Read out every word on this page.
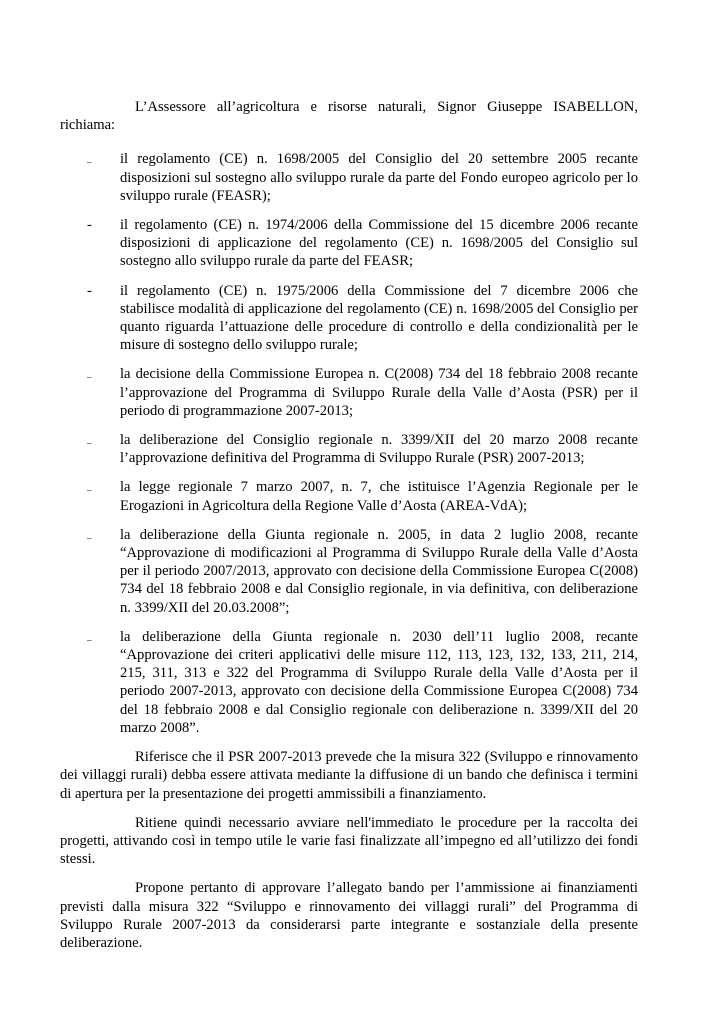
L’Assessore all’agricoltura e risorse naturali, Signor Giuseppe ISABELLON, richiama:

–	il regolamento (CE) n. 1698/2005 del Consiglio del 20 settembre 2005 recante disposizioni sul sostegno allo sviluppo rurale da parte del Fondo europeo agricolo per lo sviluppo rurale (FEASR);
-	il regolamento (CE) n. 1974/2006 della Commissione del 15 dicembre 2006 recante disposizioni di applicazione del regolamento (CE) n. 1698/2005 del Consiglio sul sostegno allo sviluppo rurale da parte del FEASR;
-	il regolamento (CE) n. 1975/2006 della Commissione del 7 dicembre 2006 che stabilisce modalità di applicazione del regolamento (CE) n. 1698/2005 del Consiglio per quanto riguarda l’attuazione delle procedure di controllo e della condizionalità per le misure di sostegno dello sviluppo rurale;
–	la decisione della Commissione Europea n. C(2008) 734 del 18 febbraio 2008 recante l’approvazione del Programma di Sviluppo Rurale della Valle d’Aosta (PSR) per il periodo di programmazione 2007-2013;
–	la deliberazione del Consiglio regionale n. 3399/XII del 20 marzo 2008 recante l’approvazione definitiva del Programma di Sviluppo Rurale (PSR) 2007-2013;
–	la legge regionale 7 marzo 2007, n. 7, che istituisce l’Agenzia Regionale per le Erogazioni in Agricoltura della Regione Valle d’Aosta (AREA-VdA);
–	la deliberazione della Giunta regionale n. 2005, in data 2 luglio 2008, recante “Approvazione di modificazioni al Programma di Sviluppo Rurale della Valle d’Aosta per il periodo 2007/2013, approvato con decisione della Commissione Europea C(2008) 734 del 18 febbraio 2008 e dal Consiglio regionale, in via definitiva, con deliberazione n. 3399/XII del 20.03.2008”;
–	la deliberazione della Giunta regionale n. 2030 dell’11 luglio 2008, recante “Approvazione dei criteri applicativi delle misure 112, 113, 123, 132, 133, 211, 214, 215, 311, 313 e 322 del Programma di Sviluppo Rurale della Valle d’Aosta per il periodo 2007-2013, approvato con decisione della Commissione Europea C(2008) 734 del 18 febbraio 2008 e dal Consiglio regionale con deliberazione n. 3399/XII del 20 marzo 2008”.

Riferisce che il PSR 2007-2013 prevede che la misura 322 (Sviluppo e rinnovamento dei villaggi rurali) debba essere attivata mediante la diffusione di un bando che definisca i termini di apertura per la presentazione dei progetti ammissibili a finanziamento.

Ritiene quindi necessario avviare nell'immediato le procedure per la raccolta dei progetti, attivando così in tempo utile le varie fasi finalizzate all’impegno ed all’utilizzo dei fondi stessi.

Propone pertanto di approvare l’allegato bando per l’ammissione ai finanziamenti previsti dalla misura 322 “Sviluppo e rinnovamento dei villaggi rurali” del Programma di Sviluppo Rurale 2007-2013 da considerarsi parte integrante e sostanziale della presente deliberazione.
